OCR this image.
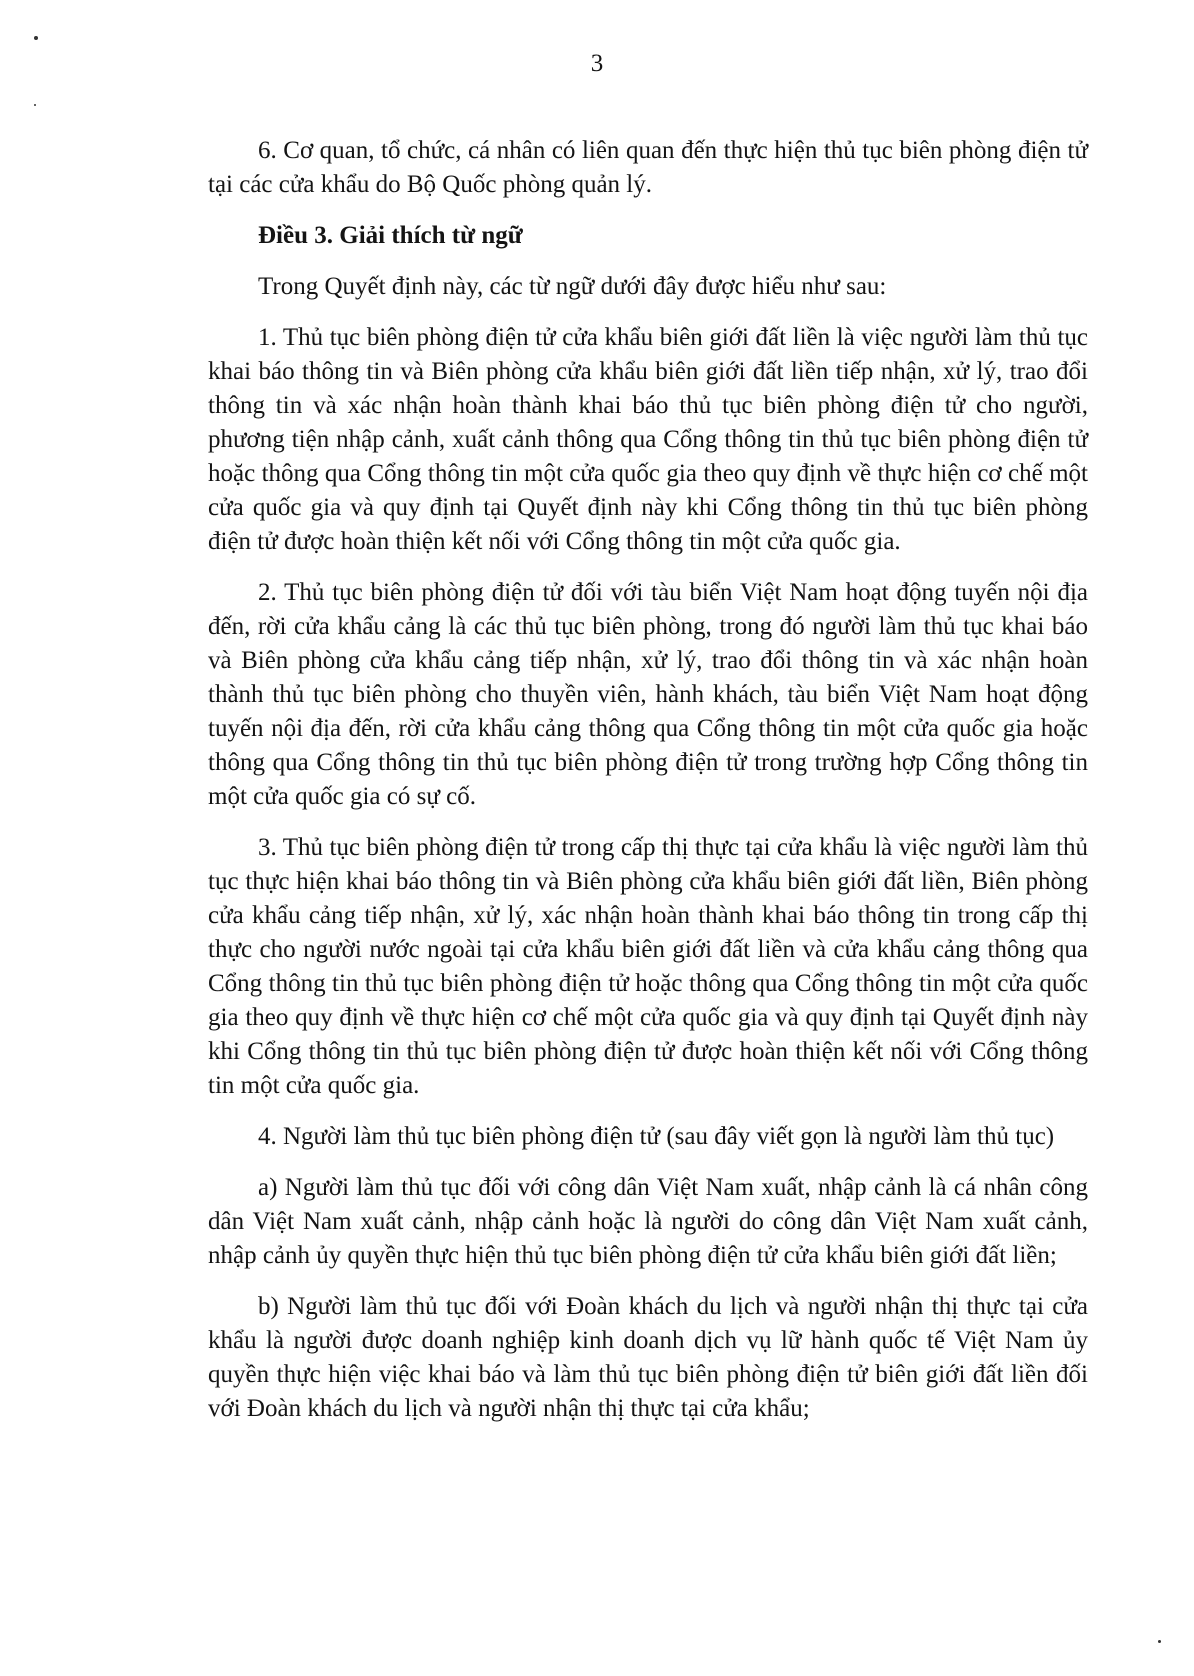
3

6. Cơ quan, tổ chức, cá nhân có liên quan đến thực hiện thủ tục biên phòng điện tử tại các cửa khẩu do Bộ Quốc phòng quản lý.

Điều 3. Giải thích từ ngữ

Trong Quyết định này, các từ ngữ dưới đây được hiểu như sau:

1. Thủ tục biên phòng điện tử cửa khẩu biên giới đất liền là việc người làm thủ tục khai báo thông tin và Biên phòng cửa khẩu biên giới đất liền tiếp nhận, xử lý, trao đổi thông tin và xác nhận hoàn thành khai báo thủ tục biên phòng điện tử cho người, phương tiện nhập cảnh, xuất cảnh thông qua Cổng thông tin thủ tục biên phòng điện tử hoặc thông qua Cổng thông tin một cửa quốc gia theo quy định về thực hiện cơ chế một cửa quốc gia và quy định tại Quyết định này khi Cổng thông tin thủ tục biên phòng điện tử được hoàn thiện kết nối với Cổng thông tin một cửa quốc gia.

2. Thủ tục biên phòng điện tử đối với tàu biển Việt Nam hoạt động tuyến nội địa đến, rời cửa khẩu cảng là các thủ tục biên phòng, trong đó người làm thủ tục khai báo và Biên phòng cửa khẩu cảng tiếp nhận, xử lý, trao đổi thông tin và xác nhận hoàn thành thủ tục biên phòng cho thuyền viên, hành khách, tàu biển Việt Nam hoạt động tuyến nội địa đến, rời cửa khẩu cảng thông qua Cổng thông tin một cửa quốc gia hoặc thông qua Cổng thông tin thủ tục biên phòng điện tử trong trường hợp Cổng thông tin một cửa quốc gia có sự cố.

3. Thủ tục biên phòng điện tử trong cấp thị thực tại cửa khẩu là việc người làm thủ tục thực hiện khai báo thông tin và Biên phòng cửa khẩu biên giới đất liền, Biên phòng cửa khẩu cảng tiếp nhận, xử lý, xác nhận hoàn thành khai báo thông tin trong cấp thị thực cho người nước ngoài tại cửa khẩu biên giới đất liền và cửa khẩu cảng thông qua Cổng thông tin thủ tục biên phòng điện tử hoặc thông qua Cổng thông tin một cửa quốc gia theo quy định về thực hiện cơ chế một cửa quốc gia và quy định tại Quyết định này khi Cổng thông tin thủ tục biên phòng điện tử được hoàn thiện kết nối với Cổng thông tin một cửa quốc gia.

4. Người làm thủ tục biên phòng điện tử (sau đây viết gọn là người làm thủ tục)

a) Người làm thủ tục đối với công dân Việt Nam xuất, nhập cảnh là cá nhân công dân Việt Nam xuất cảnh, nhập cảnh hoặc là người do công dân Việt Nam xuất cảnh, nhập cảnh ủy quyền thực hiện thủ tục biên phòng điện tử cửa khẩu biên giới đất liền;

b) Người làm thủ tục đối với Đoàn khách du lịch và người nhận thị thực tại cửa khẩu là người được doanh nghiệp kinh doanh dịch vụ lữ hành quốc tế Việt Nam ủy quyền thực hiện việc khai báo và làm thủ tục biên phòng điện tử biên giới đất liền đối với Đoàn khách du lịch và người nhận thị thực tại cửa khẩu;
